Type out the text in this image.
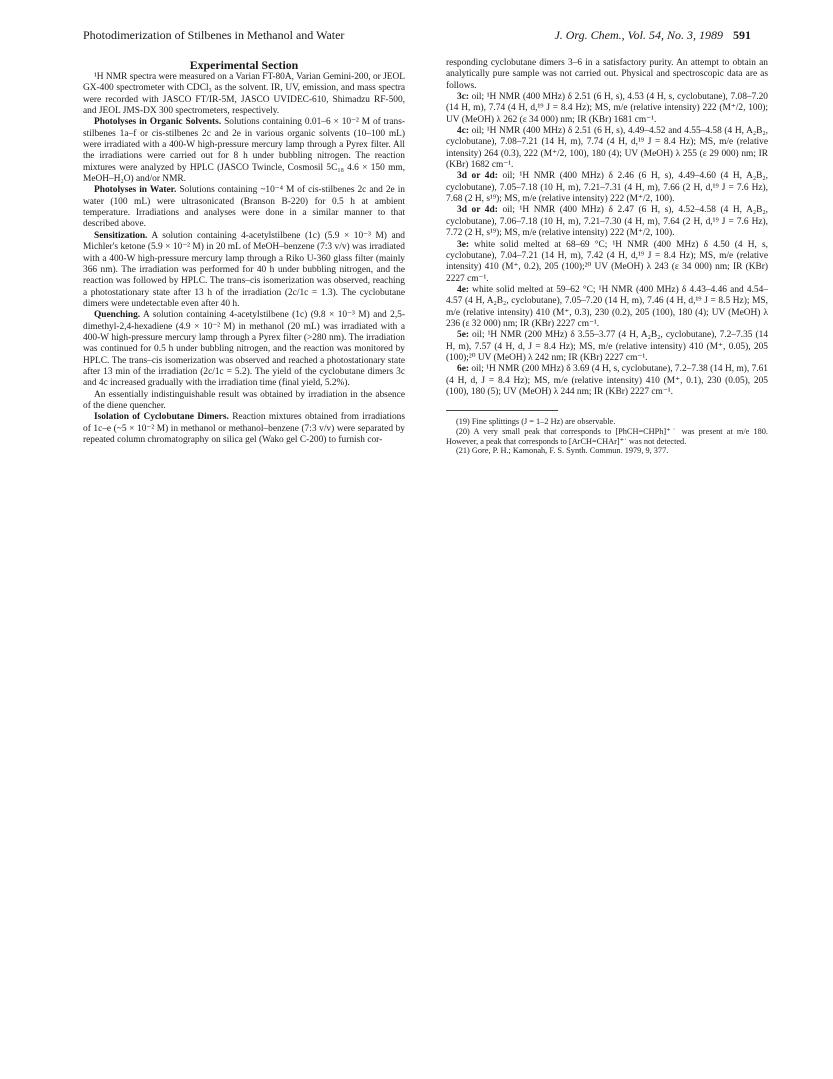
Photodimerization of Stilbenes in Methanol and Water	J. Org. Chem., Vol. 54, No. 3, 1989 591

Experimental Section

¹H NMR spectra were measured on a Varian FT-80A, Varian Gemini-200, or JEOL GX-400 spectrometer with CDCl₃ as the solvent. IR, UV, emission, and mass spectra were recorded with JASCO FT/IR-5M, JASCO UVIDEC-610, Shimadzu RF-500, and JEOL JMS-DX 300 spectrometers, respectively.

Photolyses in Organic Solvents. Solutions containing 0.01–6 × 10⁻² M of trans-stilbenes 1a–f or cis-stilbenes 2c and 2e in various organic solvents (10–100 mL) were irradiated with a 400-W high-pressure mercury lamp through a Pyrex filter. All the irradiations were carried out for 8 h under bubbling nitrogen. The reaction mixtures were analyzed by HPLC (JASCO Twincle, Cosmosil 5C₁₈ 4.6 × 150 mm, MeOH–H₂O) and/or NMR.

Photolyses in Water. Solutions containing ~10⁻⁴ M of cis-stilbenes 2c and 2e in water (100 mL) were ultrasonicated (Branson B-220) for 0.5 h at ambient temperature. Irradiations and analyses were done in a similar manner to that described above.

Sensitization. A solution containing 4-acetylstilbene (1c) (5.9 × 10⁻³ M) and Michler's ketone (5.9 × 10⁻² M) in 20 mL of MeOH–benzene (7:3 v/v) was irradiated with a 400-W high-pressure mercury lamp through a Riko U-360 glass filter (mainly 366 nm). The irradiation was performed for 40 h under bubbling nitrogen, and the reaction was followed by HPLC. The trans–cis isomerization was observed, reaching a photostationary state after 13 h of the irradiation (2c/1c = 1.3). The cyclobutane dimers were undetectable even after 40 h.

Quenching. A solution containing 4-acetylstilbene (1c) (9.8 × 10⁻³ M) and 2,5-dimethyl-2,4-hexadiene (4.9 × 10⁻² M) in methanol (20 mL) was irradiated with a 400-W high-pressure mercury lamp through a Pyrex filter (>280 nm). The irradiation was continued for 0.5 h under bubbling nitrogen, and the reaction was monitored by HPLC. The trans–cis isomerization was observed and reached a photostationary state after 13 min of the irradiation (2c/1c = 5.2). The yield of the cyclobutane dimers 3c and 4c increased gradually with the irradiation time (final yield, 5.2%).

An essentially indistinguishable result was obtained by irradiation in the absence of the diene quencher.

Isolation of Cyclobutane Dimers. Reaction mixtures obtained from irradiations of 1c–e (~5 × 10⁻² M) in methanol or methanol–benzene (7:3 v/v) were separated by repeated column chromatography on silica gel (Wako gel C-200) to furnish cor-

responding cyclobutane dimers 3–6 in a satisfactory purity. An attempt to obtain an analytically pure sample was not carried out. Physical and spectroscopic data are as follows.

3c: oil; ¹H NMR (400 MHz) δ 2.51 (6 H, s), 4.53 (4 H, s, cyclobutane), 7.08–7.20 (14 H, m), 7.74 (4 H, d,¹⁹ J = 8.4 Hz); MS, m/e (relative intensity) 222 (M⁺/2, 100); UV (MeOH) λ 262 (ε 34 000) nm; IR (KBr) 1681 cm⁻¹.

4c: oil; ¹H NMR (400 MHz) δ 2.51 (6 H, s), 4.49–4.52 and 4.55–4.58 (4 H, A₂B₂, cyclobutane), 7.08–7.21 (14 H, m), 7.74 (4 H, d,¹⁹ J = 8.4 Hz); MS, m/e (relative intensity) 264 (0.3), 222 (M⁺/2, 100), 180 (4); UV (MeOH) λ 255 (ε 29 000) nm; IR (KBr) 1682 cm⁻¹.

3d or 4d: oil; ¹H NMR (400 MHz) δ 2.46 (6 H, s), 4.49–4.60 (4 H, A₂B₂, cyclobutane), 7.05–7.18 (10 H, m), 7.21–7.31 (4 H, m), 7.66 (2 H, d,¹⁹ J = 7.6 Hz), 7.68 (2 H, s¹⁹); MS, m/e (relative intensity) 222 (M⁺/2, 100).

3d or 4d: oil; ¹H NMR (400 MHz) δ 2.47 (6 H, s), 4.52–4.58 (4 H, A₂B₂, cyclobutane), 7.06–7.18 (10 H, m), 7.21–7.30 (4 H, m), 7.64 (2 H, d,¹⁹ J = 7.6 Hz), 7.72 (2 H, s¹⁹); MS, m/e (relative intensity) 222 (M⁺/2, 100).

3e: white solid melted at 68–69 °C; ¹H NMR (400 MHz) δ 4.50 (4 H, s, cyclobutane), 7.04–7.21 (14 H, m), 7.42 (4 H, d,¹⁹ J = 8.4 Hz); MS, m/e (relative intensity) 410 (M⁺, 0.2), 205 (100);²⁰ UV (MeOH) λ 243 (ε 34 000) nm; IR (KBr) 2227 cm⁻¹.

4e: white solid melted at 59–62 °C; ¹H NMR (400 MHz) δ 4.43–4.46 and 4.54–4.57 (4 H, A₂B₂, cyclobutane), 7.05–7.20 (14 H, m), 7.46 (4 H, d,¹⁹ J = 8.5 Hz); MS, m/e (relative intensity) 410 (M⁺, 0.3), 230 (0.2), 205 (100), 180 (4); UV (MeOH) λ 236 (ε 32 000) nm; IR (KBr) 2227 cm⁻¹.

5e: oil; ¹H NMR (200 MHz) δ 3.55–3.77 (4 H, A₂B₂, cyclobutane), 7.2–7.35 (14 H, m), 7.57 (4 H, d, J = 8.4 Hz); MS, m/e (relative intensity) 410 (M⁺, 0.05), 205 (100);²⁰ UV (MeOH) λ 242 nm; IR (KBr) 2227 cm⁻¹.

6e: oil; ¹H NMR (200 MHz) δ 3.69 (4 H, s, cyclobutane), 7.2–7.38 (14 H, m), 7.61 (4 H, d, J = 8.4 Hz); MS, m/e (relative intensity) 410 (M⁺, 0.1), 230 (0.05), 205 (100), 180 (5); UV (MeOH) λ 244 nm; IR (KBr) 2227 cm⁻¹.

(19) Fine splittings (J = 1–2 Hz) are observable.

(20) A very small peak that corresponds to [PhCH=CHPh]⁺˙ was present at m/e 180. However, a peak that corresponds to [ArCH=CHAr]⁺˙ was not detected.

(21) Gore, P. H.; Kamonah, F. S. Synth. Commun. 1979, 9, 377.
